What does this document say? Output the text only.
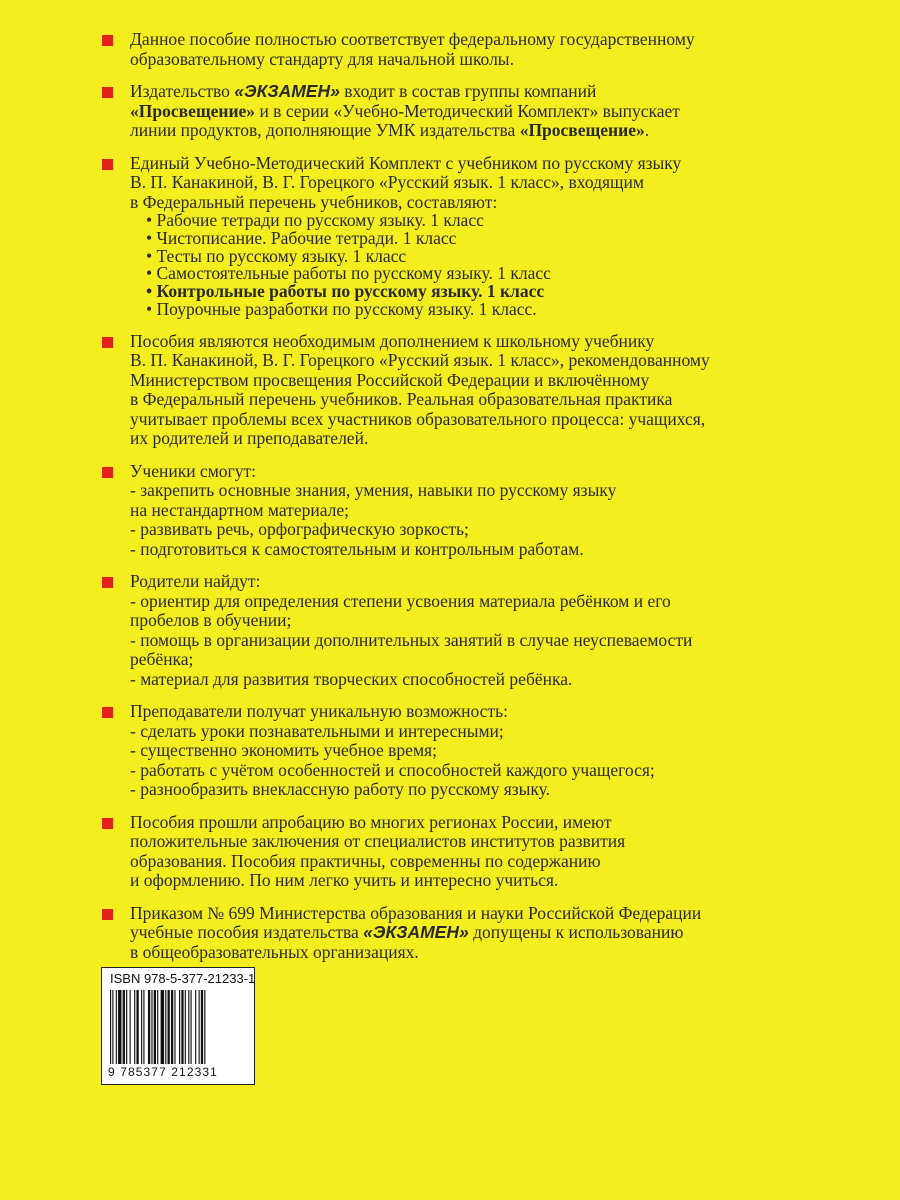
Данное пособие полностью соответствует федеральному государственному
образовательному стандарту для начальной школы.
Издательство «ЭКЗАМЕН» входит в состав группы компаний
«Просвещение» и в серии «Учебно-Методический Комплект» выпускает
линии продуктов, дополняющие УМК издательства «Просвещение».
Единый Учебно-Методический Комплект с учебником по русскому языку
В. П. Канакиной, В. Г. Горецкого «Русский язык. 1 класс», входящим
в Федеральный перечень учебников, составляют:
• Рабочие тетради по русскому языку. 1 класс
• Чистописание. Рабочие тетради. 1 класс
• Тесты по русскому языку. 1 класс
• Самостоятельные работы по русскому языку. 1 класс
• Контрольные работы по русскому языку. 1 класс
• Поурочные разработки по русскому языку. 1 класс.
Пособия являются необходимым дополнением к школьному учебнику
В. П. Канакиной, В. Г. Горецкого «Русский язык. 1 класс», рекомендованному
Министерством просвещения Российской Федерации и включённому
в Федеральный перечень учебников. Реальная образовательная практика
учитывает проблемы всех участников образовательного процесса: учащихся,
их родителей и преподавателей.
Ученики смогут:
- закрепить основные знания, умения, навыки по русскому языку
на нестандартном материале;
- развивать речь, орфографическую зоркость;
- подготовиться к самостоятельным и контрольным работам.
Родители найдут:
- ориентир для определения степени усвоения материала ребёнком и его
пробелов в обучении;
- помощь в организации дополнительных занятий в случае неуспеваемости
ребёнка;
- материал для развития творческих способностей ребёнка.
Преподаватели получат уникальную возможность:
- сделать уроки познавательными и интересными;
- существенно экономить учебное время;
- работать с учётом особенностей и способностей каждого учащегося;
- разнообразить внеклассную работу по русскому языку.
Пособия прошли апробацию во многих регионах России, имеют
положительные заключения от специалистов институтов развития
образования. Пособия практичны, современны по содержанию
и оформлению. По ним легко учить и интересно учиться.
Приказом № 699 Министерства образования и науки Российской Федерации
учебные пособия издательства «ЭКЗАМЕН» допущены к использованию
в общеобразовательных организациях.
ISBN 978-5-377-21233-1
9 785377 212331
